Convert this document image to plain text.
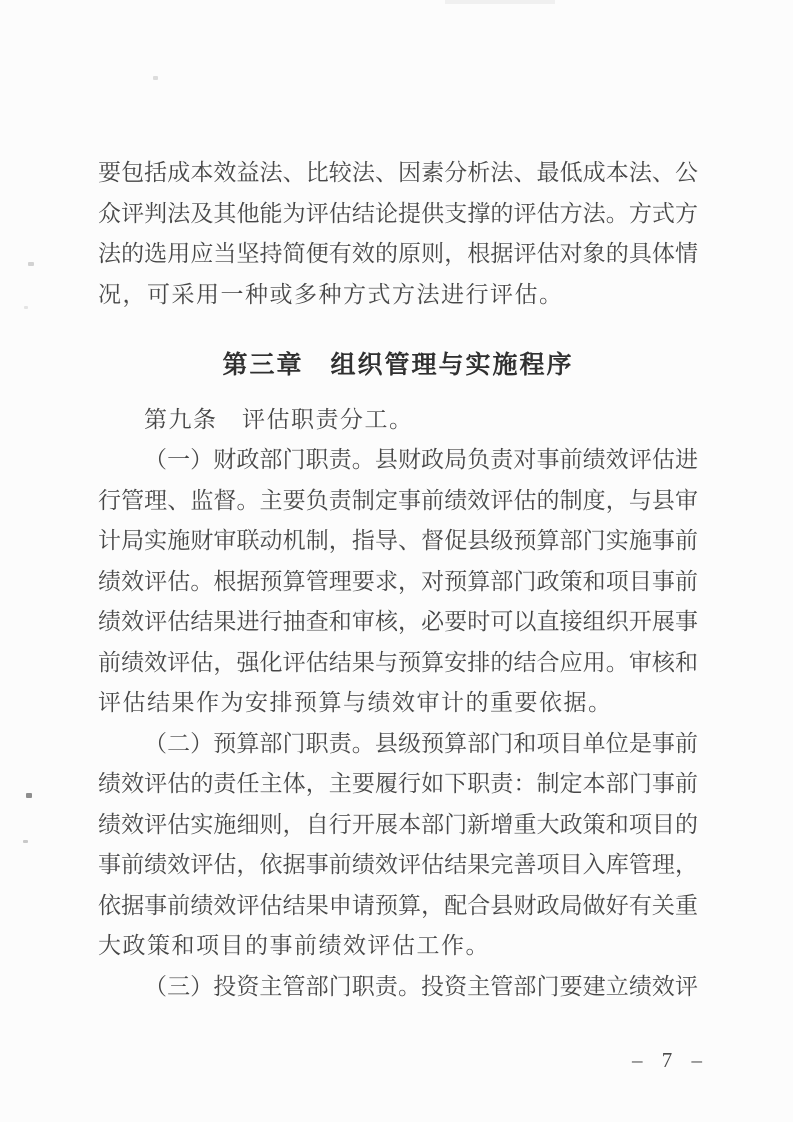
要包括成本效益法、比较法、因素分析法、最低成本法、公
众评判法及其他能为评估结论提供支撑的评估方法。方式方
法的选用应当坚持简便有效的原则，根据评估对象的具体情
况，可采用一种或多种方式方法进行评估。
第三章　组织管理与实施程序
第九条　评估职责分工。
（一）财政部门职责。县财政局负责对事前绩效评估进
行管理、监督。主要负责制定事前绩效评估的制度，与县审
计局实施财审联动机制，指导、督促县级预算部门实施事前
绩效评估。根据预算管理要求，对预算部门政策和项目事前
绩效评估结果进行抽查和审核，必要时可以直接组织开展事
前绩效评估，强化评估结果与预算安排的结合应用。审核和
评估结果作为安排预算与绩效审计的重要依据。
（二）预算部门职责。县级预算部门和项目单位是事前
绩效评估的责任主体，主要履行如下职责：制定本部门事前
绩效评估实施细则，自行开展本部门新增重大政策和项目的
事前绩效评估，依据事前绩效评估结果完善项目入库管理，
依据事前绩效评估结果申请预算，配合县财政局做好有关重
大政策和项目的事前绩效评估工作。
（三）投资主管部门职责。投资主管部门要建立绩效评
– 7 –
